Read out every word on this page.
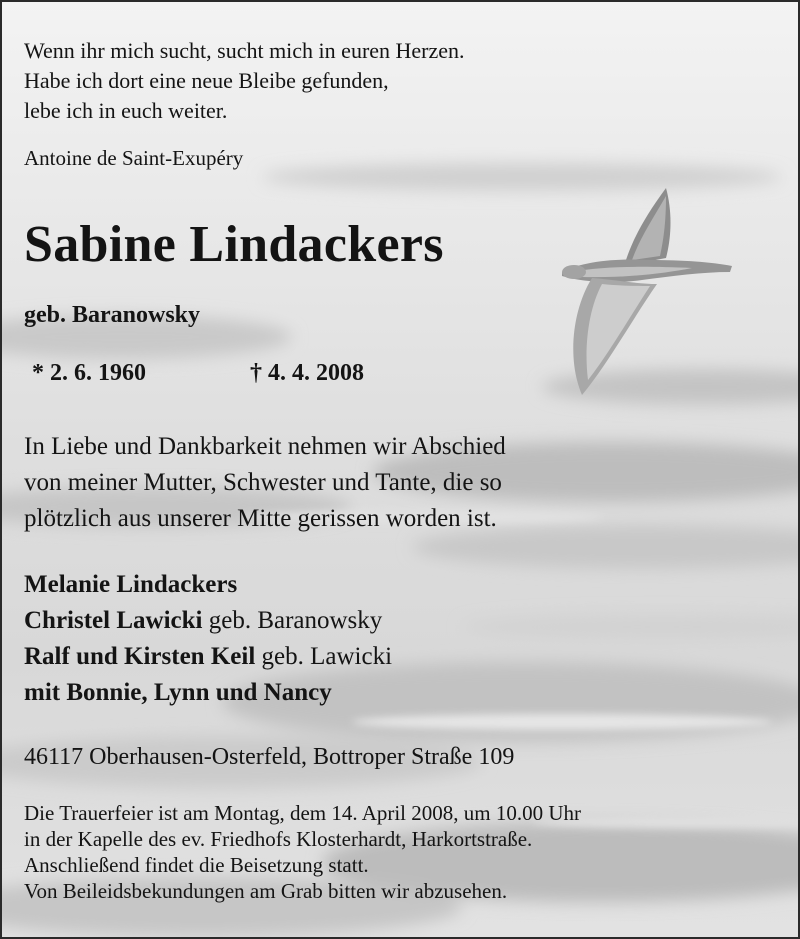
Wenn ihr mich sucht, sucht mich in euren Herzen.
Habe ich dort eine neue Bleibe gefunden,
lebe ich in euch weiter.
Antoine de Saint-Exupéry
Sabine Lindackers
geb. Baranowsky
* 2. 6. 1960	† 4. 4. 2008
In Liebe und Dankbarkeit nehmen wir Abschied
von meiner Mutter, Schwester und Tante, die so
plötzlich aus unserer Mitte gerissen worden ist.
Melanie Lindackers
Christel Lawicki geb. Baranowsky
Ralf und Kirsten Keil geb. Lawicki
mit Bonnie, Lynn und Nancy
46117 Oberhausen-Osterfeld, Bottroper Straße 109
Die Trauerfeier ist am Montag, dem 14. April 2008, um 10.00 Uhr
in der Kapelle des ev. Friedhofs Klosterhardt, Harkortstraße.
Anschließend findet die Beisetzung statt.
Von Beileidsbekundungen am Grab bitten wir abzusehen.
